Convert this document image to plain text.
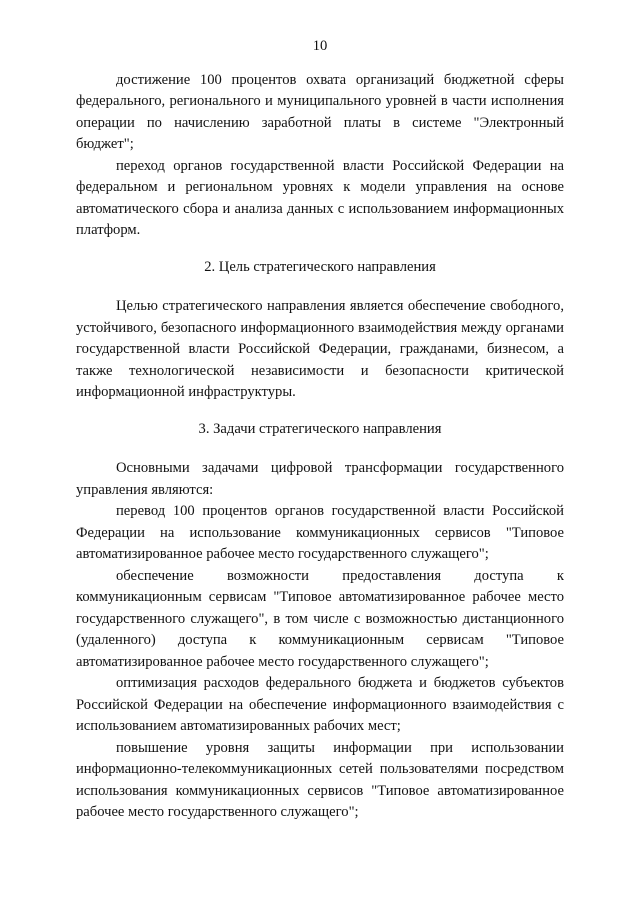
10

достижение 100 процентов охвата организаций бюджетной сферы федерального, регионального и муниципального уровней в части исполнения операции по начислению заработной платы в системе "Электронный бюджет";

переход органов государственной власти Российской Федерации на федеральном и региональном уровнях к модели управления на основе автоматического сбора и анализа данных с использованием информационных платформ.

2. Цель стратегического направления

Целью стратегического направления является обеспечение свободного, устойчивого, безопасного информационного взаимодействия между органами государственной власти Российской Федерации, гражданами, бизнесом, а также технологической независимости и безопасности критической информационной инфраструктуры.

3. Задачи стратегического направления

Основными задачами цифровой трансформации государственного управления являются:

перевод 100 процентов органов государственной власти Российской Федерации на использование коммуникационных сервисов "Типовое автоматизированное рабочее место государственного служащего";

обеспечение возможности предоставления доступа к коммуникационным сервисам "Типовое автоматизированное рабочее место государственного служащего", в том числе с возможностью дистанционного (удаленного) доступа к коммуникационным сервисам "Типовое автоматизированное рабочее место государственного служащего";

оптимизация расходов федерального бюджета и бюджетов субъектов Российской Федерации на обеспечение информационного взаимодействия с использованием автоматизированных рабочих мест;

повышение уровня защиты информации при использовании информационно-телекоммуникационных сетей пользователями посредством использования коммуникационных сервисов "Типовое автоматизированное рабочее место государственного служащего";
